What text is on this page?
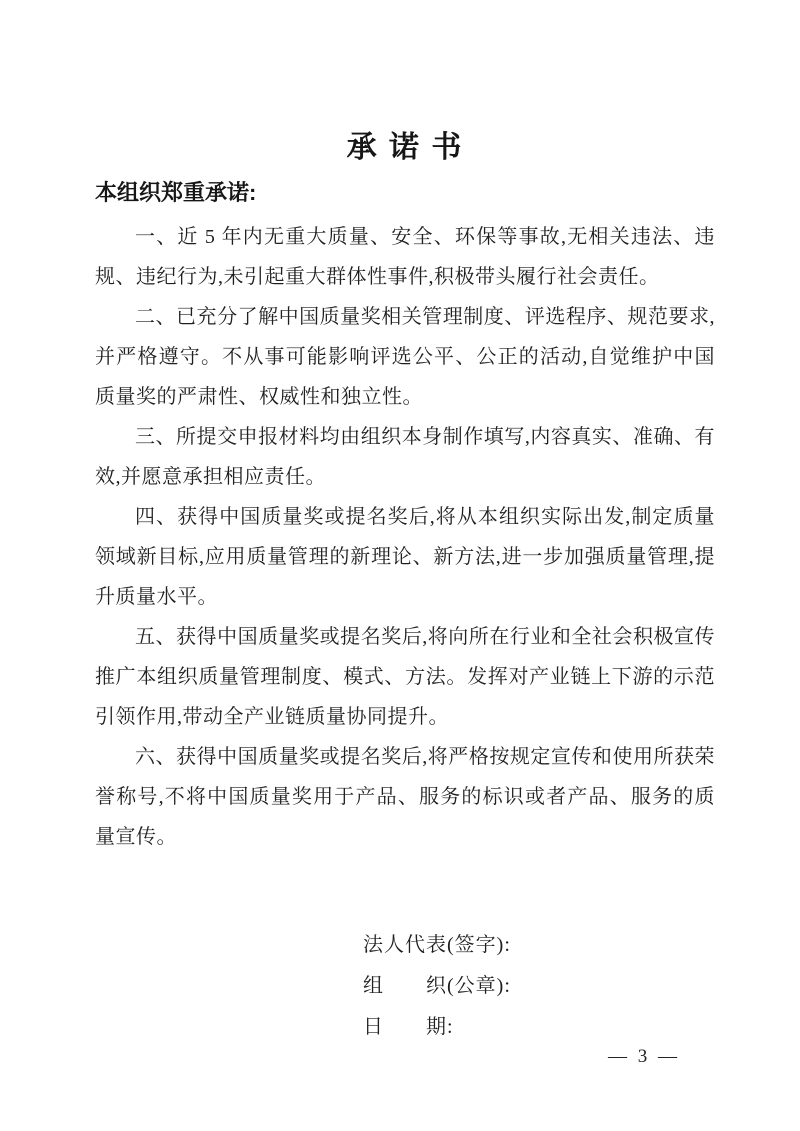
承 诺 书
本组织郑重承诺:

一、近 5 年内无重大质量、安全、环保等事故,无相关违法、违规、违纪行为,未引起重大群体性事件,积极带头履行社会责任。

二、已充分了解中国质量奖相关管理制度、评选程序、规范要求,并严格遵守。不从事可能影响评选公平、公正的活动,自觉维护中国质量奖的严肃性、权威性和独立性。

三、所提交申报材料均由组织本身制作填写,内容真实、准确、有效,并愿意承担相应责任。

四、获得中国质量奖或提名奖后,将从本组织实际出发,制定质量领域新目标,应用质量管理的新理论、新方法,进一步加强质量管理,提升质量水平。

五、获得中国质量奖或提名奖后,将向所在行业和全社会积极宣传推广本组织质量管理制度、模式、方法。发挥对产业链上下游的示范引领作用,带动全产业链质量协同提升。

六、获得中国质量奖或提名奖后,将严格按规定宣传和使用所获荣誉称号,不将中国质量奖用于产品、服务的标识或者产品、服务的质量宣传。

法人代表(签字):
组　　织(公章):
日　　期:
— 3 —
